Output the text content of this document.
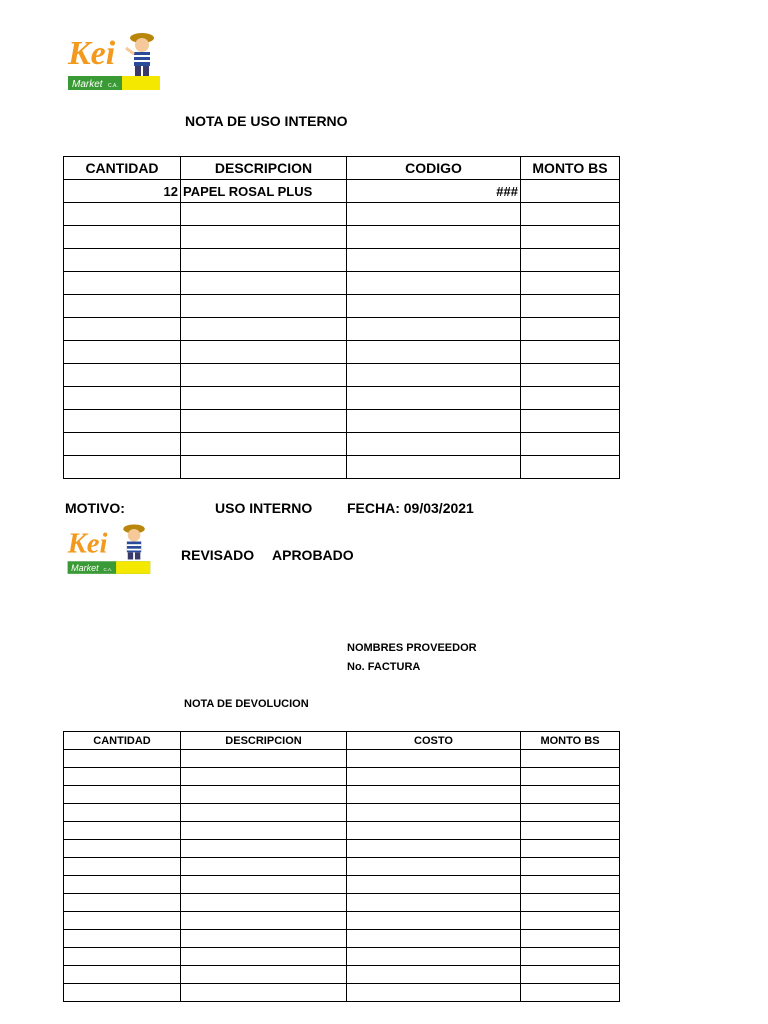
Kei
Market C.A.
NOTA DE USO INTERNO
CANTIDAD	DESCRIPCION	CODIGO	MONTO BS
12	PAPEL ROSAL PLUS	###	

MOTIVO:	USO INTERNO FECHA: 09/03/2021
Kei
Market C.A.
REVISADO APROBADO
NOMBRES PROVEEDOR
No. FACTURA
NOTA DE DEVOLUCION
CANTIDAD	DESCRIPCION	COSTO	MONTO BS
